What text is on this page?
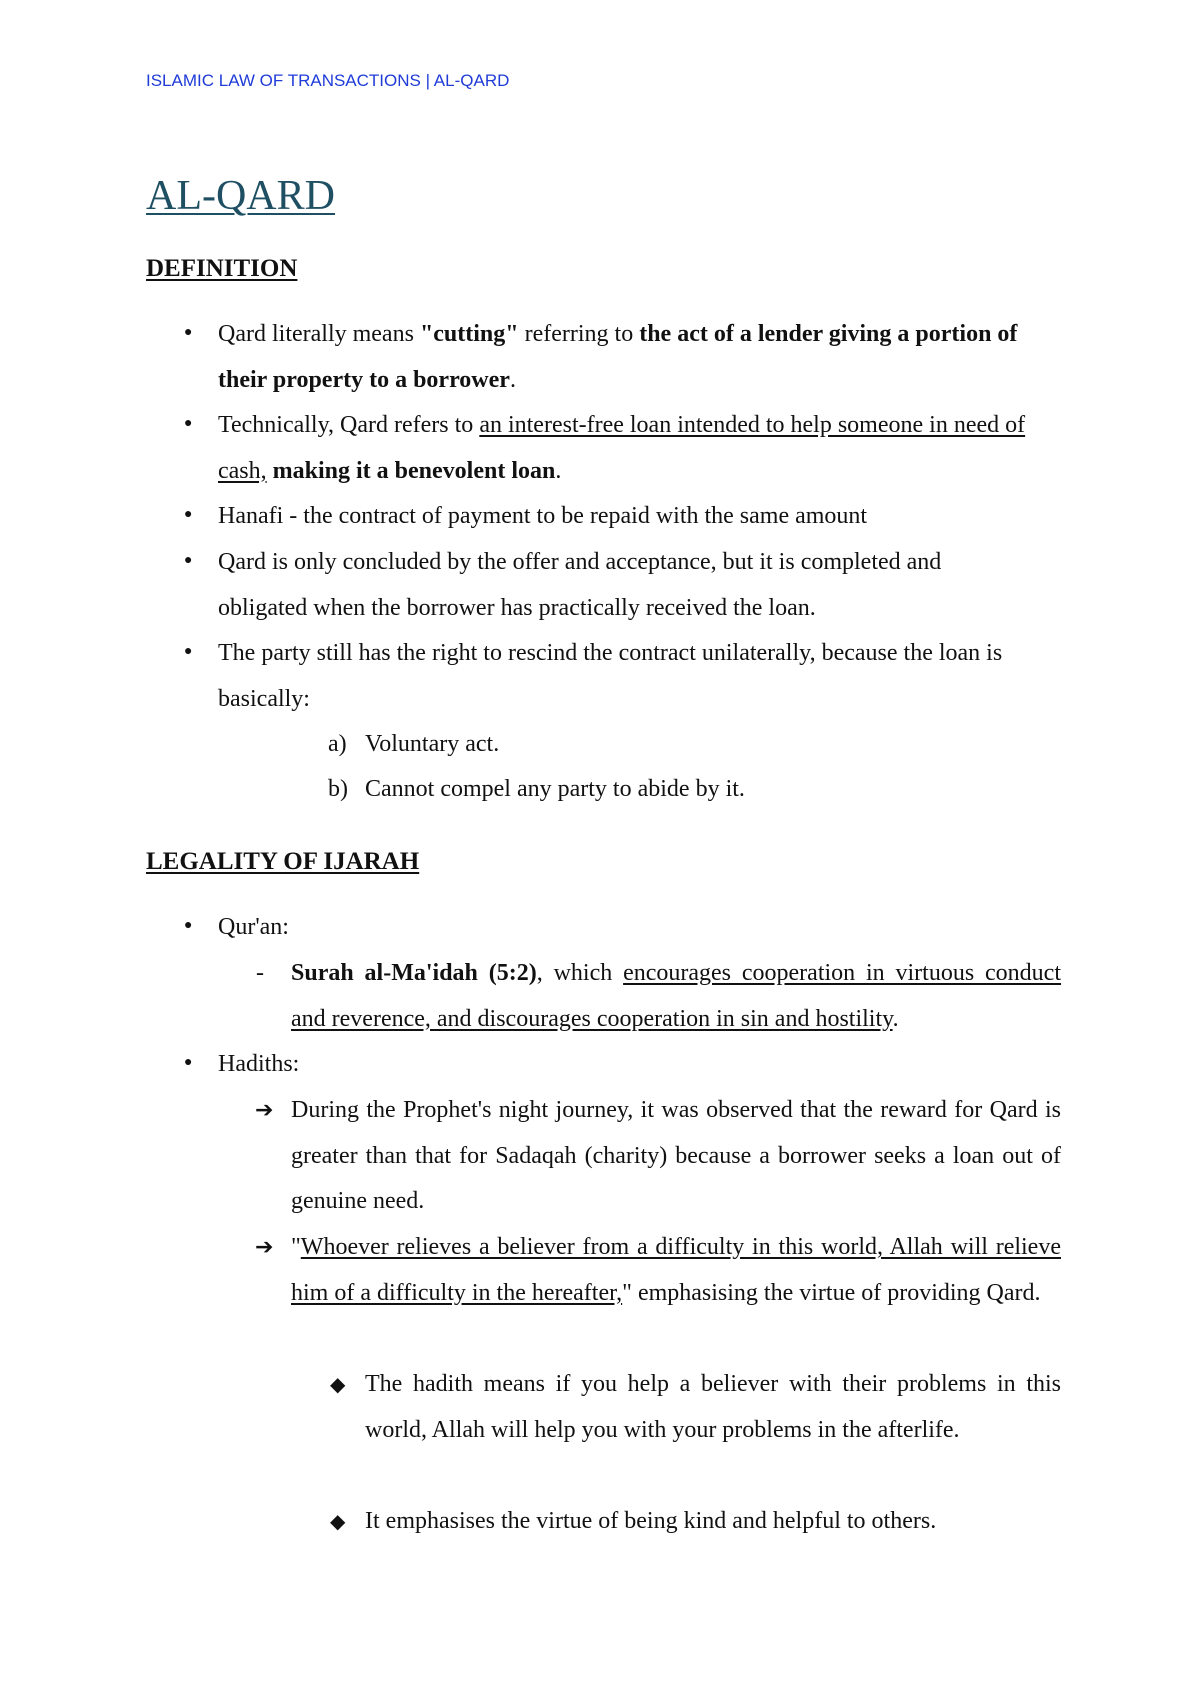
ISLAMIC LAW OF TRANSACTIONS | AL-QARD
AL-QARD
DEFINITION
● Qard literally means "cutting" referring to the act of a lender giving a portion of their property to a borrower.

● Technically, Qard refers to an interest-free loan intended to help someone in need of cash, making it a benevolent loan.

● Hanafi - the contract of payment to be repaid with the same amount

● Qard is only concluded by the offer and acceptance, but it is completed and obligated when the borrower has practically received the loan.

● The party still has the right to rescind the contract unilaterally, because the loan is basically:

a) Voluntary act.

b) Cannot compel any party to abide by it.

LEGALITY OF IJARAH
● Qur'an:

- Surah al-Ma'idah (5:2), which encourages cooperation in virtuous conduct and reverence, and discourages cooperation in sin and hostility.

● Hadiths:

➔ During the Prophet's night journey, it was observed that the reward for Qard is greater than that for Sadaqah (charity) because a borrower seeks a loan out of genuine need.

➔ "Whoever relieves a believer from a difficulty in this world, Allah will relieve him of a difficulty in the hereafter," emphasising the virtue of providing Qard.

◆ The hadith means if you help a believer with their problems in this world, Allah will help you with your problems in the afterlife.

◆ It emphasises the virtue of being kind and helpful to others.
